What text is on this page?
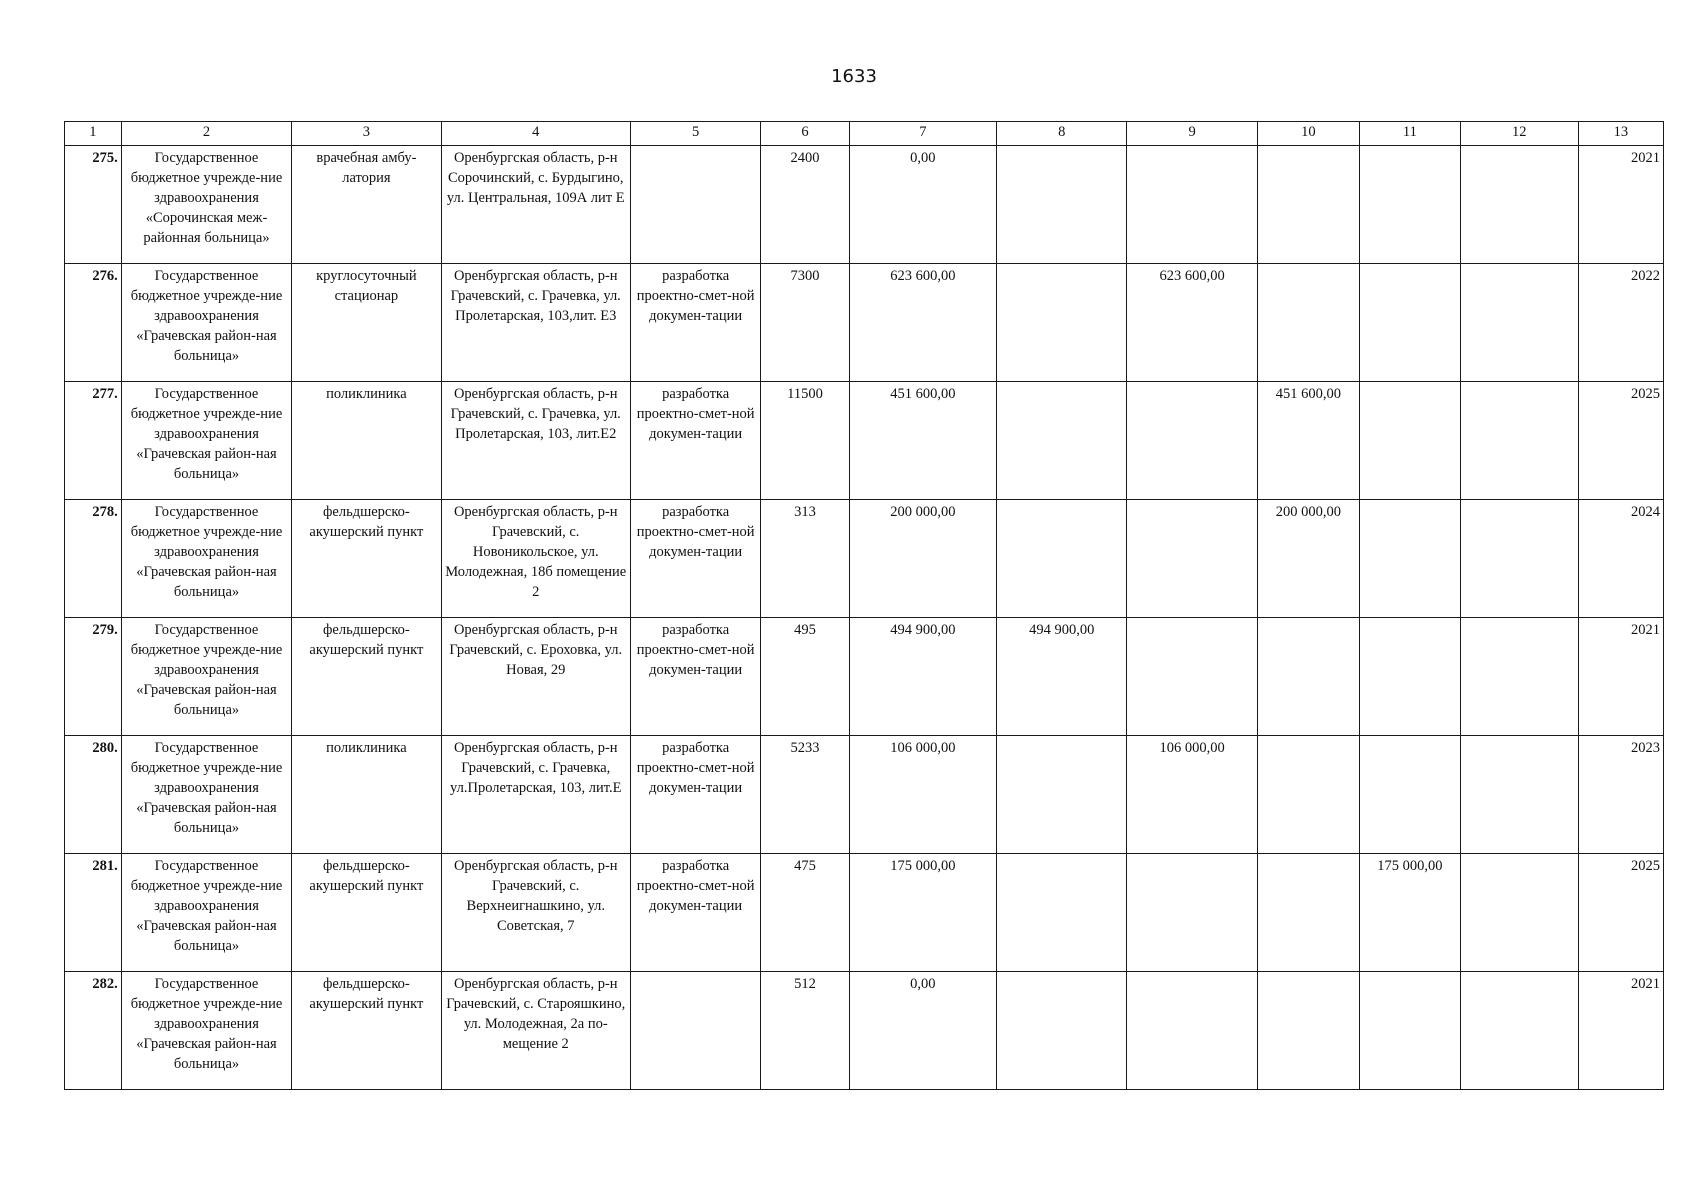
1633
1	2	3	4	5	6	7	8	9	10	11	12	13
275.	Государственное бюджетное учрежде-ние здравоохранения «Сорочинская меж-районная больница»	врачебная амбу-латория	Оренбургская область, р-н Сорочинский, с. Бурдыгино, ул. Центральная, 109А лит Е		2400	0,00						2021
276.	Государственное бюджетное учрежде-ние здравоохранения «Грачевская район-ная больница»	круглосуточный стационар	Оренбургская область, р-н Грачевский, с. Грачевка, ул. Пролетарская, 103,лит. Е3	разработка проектно-смет-ной докумен-тации	7300	623 600,00		623 600,00				2022
277.	Государственное бюджетное учрежде-ние здравоохранения «Грачевская район-ная больница»	поликлиника	Оренбургская область, р-н Грачевский, с. Грачевка, ул. Пролетарская, 103, лит.Е2	разработка проектно-смет-ной докумен-тации	11500	451 600,00			451 600,00			2025
278.	Государственное бюджетное учрежде-ние здравоохранения «Грачевская район-ная больница»	фельдшерско-акушерский пункт	Оренбургская область, р-н Грачевский, с. Новоникольское, ул. Молодежная, 18б помещение 2	разработка проектно-смет-ной докумен-тации	313	200 000,00			200 000,00			2024
279.	Государственное бюджетное учрежде-ние здравоохранения «Грачевская район-ная больница»	фельдшерско-акушерский пункт	Оренбургская область, р-н Грачевский, с. Ероховка, ул. Новая, 29	разработка проектно-смет-ной докумен-тации	495	494 900,00	494 900,00					2021
280.	Государственное бюджетное учрежде-ние здравоохранения «Грачевская район-ная больница»	поликлиника	Оренбургская область, р-н Грачевский, с. Грачевка, ул.Пролетарская, 103, лит.Е	разработка проектно-смет-ной докумен-тации	5233	106 000,00		106 000,00				2023
281.	Государственное бюджетное учрежде-ние здравоохранения «Грачевская район-ная больница»	фельдшерско-акушерский пункт	Оренбургская область, р-н Грачевский, с. Верхнеигнашкино, ул. Советская, 7	разработка проектно-смет-ной докумен-тации	475	175 000,00				175 000,00		2025
282.	Государственное бюджетное учрежде-ние здравоохранения «Грачевская район-ная больница»	фельдшерско-акушерский пункт	Оренбургская область, р-н Грачевский, с. Старояшкино, ул. Молодежная, 2а по-мещение 2		512	0,00						2021
